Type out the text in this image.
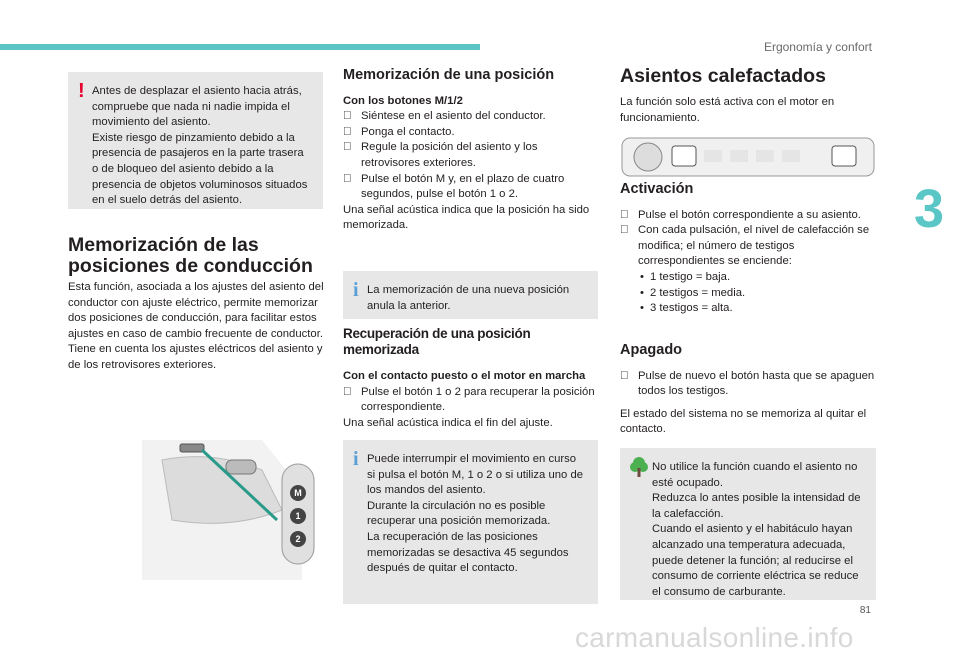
Ergonomía y confort
3
81
! Antes de desplazar el asiento hacia atrás, compruebe que nada ni nadie impida el movimiento del asiento.
Existe riesgo de pinzamiento debido a la presencia de pasajeros en la parte trasera o de bloqueo del asiento debido a la presencia de objetos voluminosos situados en el suelo detrás del asiento.
Memorización de las posiciones de conducción
Esta función, asociada a los ajustes del asiento del conductor con ajuste eléctrico, permite memorizar dos posiciones de conducción, para facilitar estos ajustes en caso de cambio frecuente de conductor.
Tiene en cuenta los ajustes eléctricos del asiento y de los retrovisores exteriores.
M
1
2
Memorización de una posición
Con los botones M/1/2
Siéntese en el asiento del conductor.
Ponga el contacto.
Regule la posición del asiento y los retrovisores exteriores.
Pulse el botón M y, en el plazo de cuatro segundos, pulse el botón 1 o 2.
Una señal acústica indica que la posición ha sido memorizada.
i La memorización de una nueva posición anula la anterior.
Recuperación de una posición memorizada
Con el contacto puesto o el motor en marcha
Pulse el botón 1 o 2 para recuperar la posición correspondiente.
Una señal acústica indica el fin del ajuste.
i Puede interrumpir el movimiento en curso si pulsa el botón M, 1 o 2 o si utiliza uno de los mandos del asiento.
Durante la circulación no es posible recuperar una posición memorizada.
La recuperación de las posiciones memorizadas se desactiva 45 segundos después de quitar el contacto.
Asientos calefactados
La función solo está activa con el motor en funcionamiento.
Activación
Pulse el botón correspondiente a su asiento.
Con cada pulsación, el nivel de calefacción se modifica; el número de testigos correspondientes se enciende:
• 1 testigo = baja.
• 2 testigos = media.
• 3 testigos = alta.
Apagado
Pulse de nuevo el botón hasta que se apaguen todos los testigos.
El estado del sistema no se memoriza al quitar el contacto.
No utilice la función cuando el asiento no esté ocupado.
Reduzca lo antes posible la intensidad de la calefacción.
Cuando el asiento y el habitáculo hayan alcanzado una temperatura adecuada, puede detener la función; al reducirse el consumo de corriente eléctrica se reduce el consumo de carburante.
carmanualsonline.info
